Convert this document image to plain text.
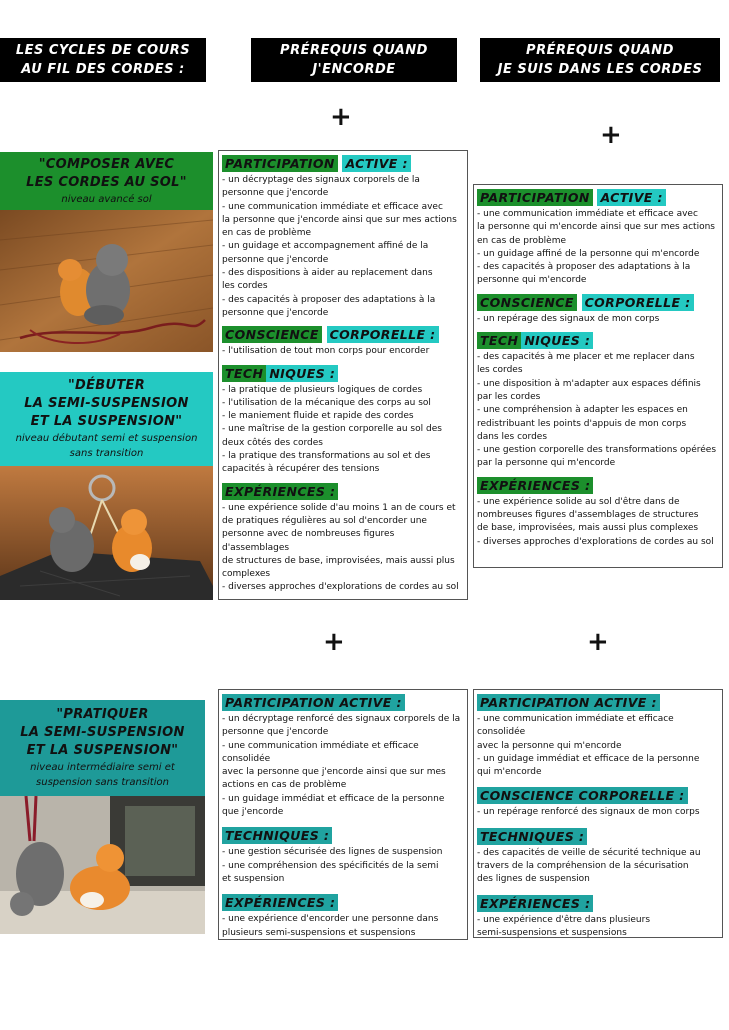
LES CYCLES DE COURS
AU FIL DES CORDES :
PRÉREQUIS QUAND
J'ENCORDE
PRÉREQUIS QUAND
JE SUIS DANS LES CORDES
+
+
+	+
"COMPOSER AVEC
LES CORDES AU SOL"
niveau avancé sol
"DÉBUTER
LA SEMI-SUSPENSION
ET LA SUSPENSION"
niveau débutant semi et suspension sans transition
"PRATIQUER
LA SEMI-SUSPENSION
ET LA SUSPENSION"
niveau intermédiaire semi et suspension sans transition
PARTICIPATION ACTIVE :
- un décryptage des signaux corporels de la
personne que j'encorde
- une communication immédiate et efficace avec
la personne que j'encorde ainsi que sur mes actions
en cas de problème
- un guidage et accompagnement affiné de la
personne que j'encorde
- des dispositions à aider au replacement dans
les cordes
- des capacités à proposer des adaptations à la
personne que j'encorde
CONSCIENCE CORPORELLE :
- l'utilisation de tout mon corps pour encorder
TECH NIQUES :
- la pratique de plusieurs logiques de cordes
- l'utilisation de la mécanique des corps au sol
- le maniement fluide et rapide des cordes
- une maîtrise de la gestion corporelle au sol des
deux côtés des cordes
- la pratique des transformations au sol et des
capacités à récupérer des tensions
EXPÉRIENCES :
- une expérience solide d'au moins 1 an de cours et
de pratiques régulières au sol d'encorder une
personne avec de nombreuses figures d'assemblages
de structures de base, improvisées, mais aussi plus
complexes
- diverses approches d'explorations de cordes au sol
PARTICIPATION ACTIVE :
- une communication immédiate et efficace avec
la personne qui m'encorde ainsi que sur mes actions
en cas de problème
- un guidage affiné de la personne qui m'encorde
- des capacités à proposer des adaptations à la
personne qui m'encorde
CONSCIENCE CORPORELLE :
- un repérage des signaux de mon corps
TECH NIQUES :
- des capacités à me placer et me replacer dans
les cordes
- une disposition à m'adapter aux espaces définis
par les cordes
- une compréhension à adapter les espaces en
redistribuant les points d'appuis de mon corps
dans les cordes
- une gestion corporelle des transformations opérées
par la personne qui m'encorde
EXPÉRIENCES :
- une expérience solide au sol d'être dans de
nombreuses figures d'assemblages de structures
de base, improvisées, mais aussi plus complexes
- diverses approches d'explorations de cordes au sol
PARTICIPATION ACTIVE :
- un décryptage renforcé des signaux corporels de la
personne que j'encorde
- une communication immédiate et efficace consolidée
avec la personne que j'encorde ainsi que sur mes
actions en cas de problème
- un guidage immédiat et efficace de la personne
que j'encorde
TECHNIQUES :
- une gestion sécurisée des lignes de suspension
- une compréhension des spécificités de la semi
et suspension
EXPÉRIENCES :
- une expérience d'encorder une personne dans
plusieurs semi-suspensions et suspensions
PARTICIPATION ACTIVE :
- une communication immédiate et efficace consolidée
avec la personne qui m'encorde
- un guidage immédiat et efficace de la personne
qui m'encorde
CONSCIENCE CORPORELLE :
- un repérage renforcé des signaux de mon corps
TECHNIQUES :
- des capacités de veille de sécurité technique au
travers de la compréhension de la sécurisation
des lignes de suspension
EXPÉRIENCES :
- une expérience d'être dans plusieurs
semi-suspensions et suspensions
